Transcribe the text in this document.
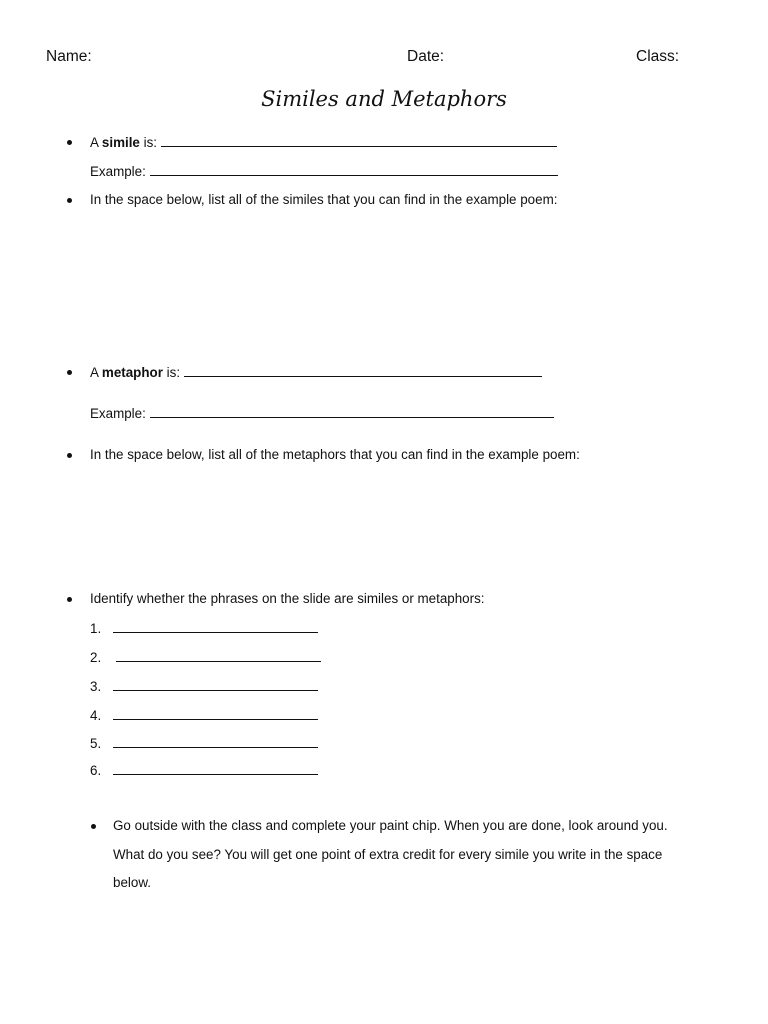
Name:	Date:	Class:
Similes and Metaphors
A simile is:
Example:
In the space below, list all of the similes that you can find in the example poem:
A metaphor is:
Example:
In the space below, list all of the metaphors that you can find in the example poem:
Identify whether the phrases on the slide are similes or metaphors:
1.
2.
3.
4.
5.
6.
Go outside with the class and complete your paint chip. When you are done, look around you.
What do you see? You will get one point of extra credit for every simile you write in the space
below.
